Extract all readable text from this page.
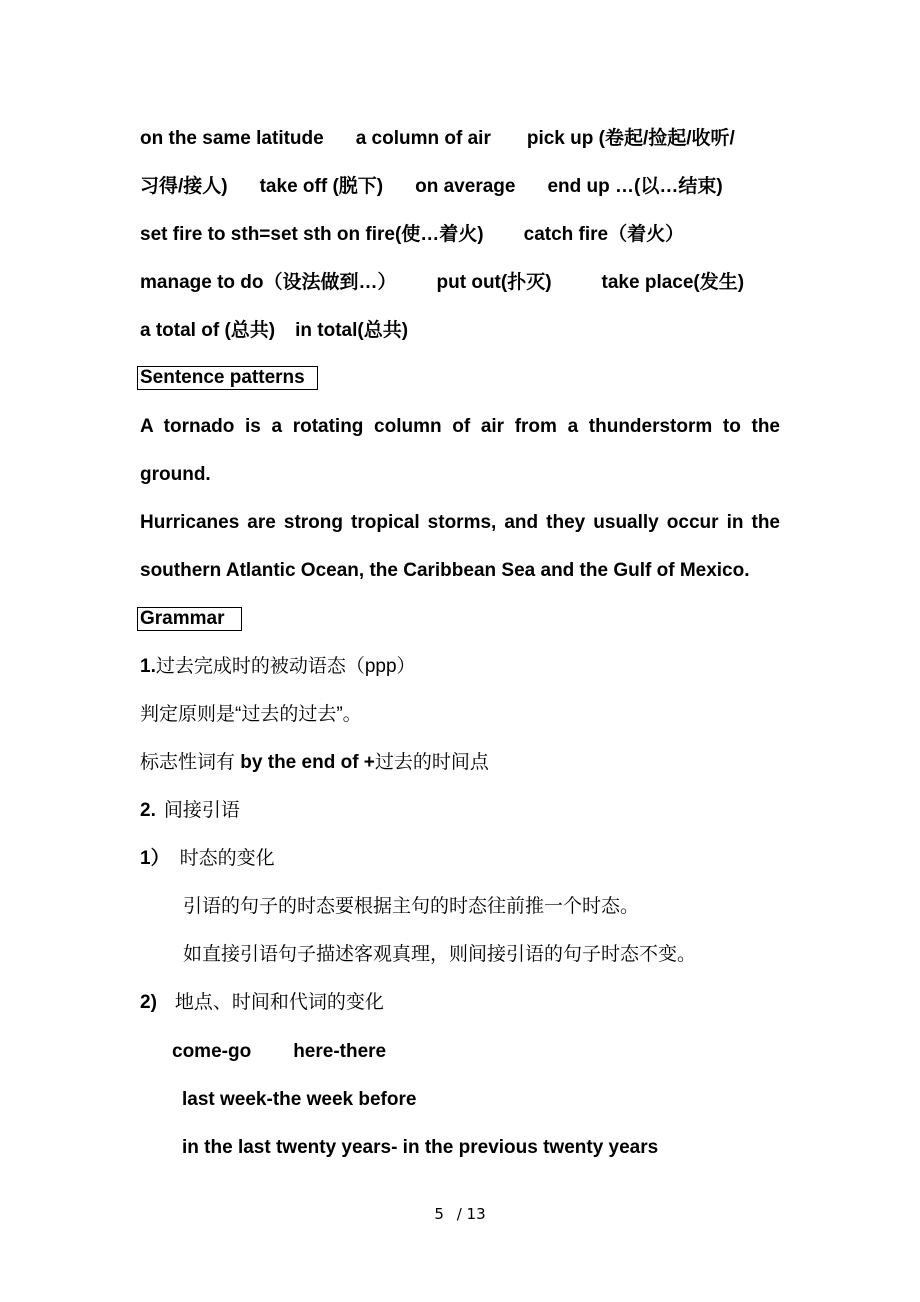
on the same latitude a column of air pick up (卷起/捡起/收听/
习得/接人) take off (脱下) on average end up …(以…结束)
set fire to sth=set sth on fire(使…着火) catch fire（着火）
manage to do（设法做到…） put out(扑灭)	take place(发生)
a total of (总共) in total(总共)
Sentence patterns
A tornado is a rotating column of air from a thunderstorm to the
ground.
Hurricanes are strong tropical storms, and they usually occur in the
southern Atlantic Ocean, the Caribbean Sea and the Gulf of Mexico.
Grammar
1.过去完成时的被动语态（ppp）
判定原则是“过去的过去”。
标志性词有 by the end of +过去的时间点
2. 间接引语
1） 时态的变化
引语的句子的时态要根据主句的时态往前推一个时态。
如直接引语句子描述客观真理，则间接引语的句子时态不变。
2) 地点、时间和代词的变化
come-go here-there
last week-the week before
in the last twenty years- in the previous twenty years
5 / 13
